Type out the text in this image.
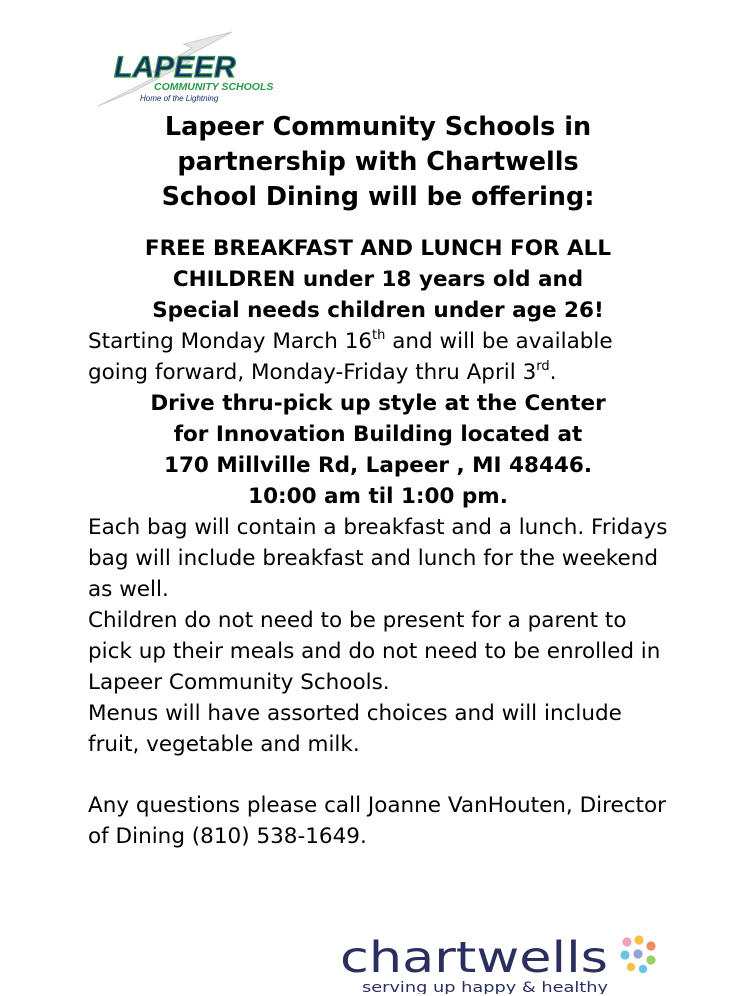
LAPEER
COMMUNITY SCHOOLS
Home of the Lightning

Lapeer Community Schools in
partnership with Chartwells
School Dining will be offering:

FREE BREAKFAST AND LUNCH FOR ALL
CHILDREN under 18 years old and
Special needs children under age 26!

Starting Monday March 16th and will be available going forward, Monday-Friday thru April 3rd.

Drive thru-pick up style at the Center
for Innovation Building located at
170 Millville Rd, Lapeer , MI 48446.
10:00 am til 1:00 pm.

Each bag will contain a breakfast and a lunch. Fridays bag will include breakfast and lunch for the weekend as well.

Children do not need to be present for a parent to pick up their meals and do not need to be enrolled in Lapeer Community Schools.

Menus will have assorted choices and will include fruit, vegetable and milk.

Any questions please call Joanne VanHouten, Director of Dining (810) 538-1649.

chartwells
serving up happy & healthy
